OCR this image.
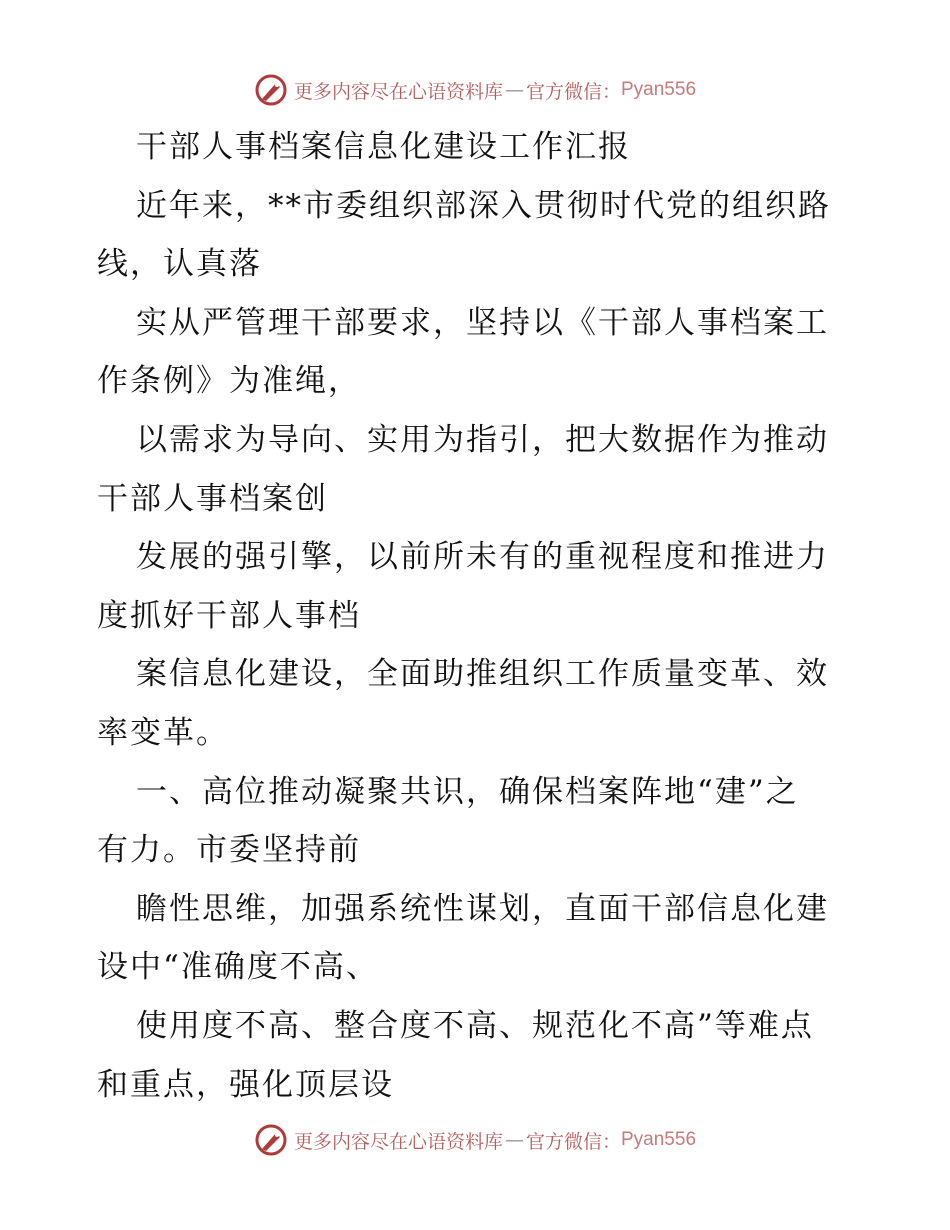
更多内容尽在心语资料库 — 官方微信： Pyan556
干部人事档案信息化建设工作汇报
近年来，**市委组织部深入贯彻时代党的组织路
线，认真落
实从严管理干部要求，坚持以《干部人事档案工
作条例》为准绳，
以需求为导向、实用为指引，把大数据作为推动
干部人事档案创
发展的强引擎，以前所未有的重视程度和推进力
度抓好干部人事档
案信息化建设，全面助推组织工作质量变革、效
率变革。
一、高位推动凝聚共识，确保档案阵地“建”之
有力。市委坚持前
瞻性思维，加强系统性谋划，直面干部信息化建
设中“准确度不高、
使用度不高、整合度不高、规范化不高”等难点
和重点，强化顶层设
更多内容尽在心语资料库 — 官方微信： Pyan556
